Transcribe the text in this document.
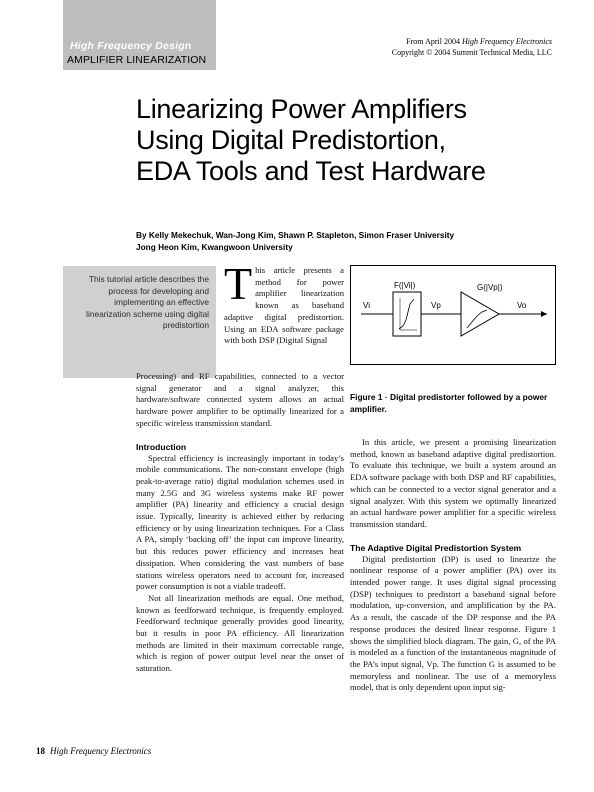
High Frequency Design
AMPLIFIER LINEARIZATION
From April 2004 High Frequency Electronics
Copyright © 2004 Summit Technical Media, LLC
Linearizing Power Amplifiers
Using Digital Predistortion,
EDA Tools and Test Hardware
By Kelly Mekechuk, Wan-Jong Kim, Shawn P. Stapleton, Simon Fraser University
Jong Heon Kim, Kwangwoon University
This tutorial article describes the process for developing and implementing an effective linearization scheme using digital predistortion
This article presents a method for power amplifier linearization known as baseband adaptive digital predistortion. Using an EDA software package with both DSP (Digital Signal

Processing) and RF capabilities, connected to a vector signal generator and a signal analyzer, this hardware/software connected system allows an actual hardware power amplifier to be optimally linearized for a specific wireless transmission standard.

Introduction

Spectral efficiency is increasingly important in today’s mobile communications. The non-constant envelope (high peak-to-average ratio) digital modulation schemes used in many 2.5G and 3G wireless systems make RF power amplifier (PA) linearity and efficiency a crucial design issue. Typically, linearity is achieved either by reducing efficiency or by using linearization techniques. For a Class A PA, simply ‘backing off’ the input can improve linearity, but this reduces power efficiency and increases heat dissipation. When considering the vast numbers of base stations wireless operators need to account for, increased power consumption is not a viable tradeoff.

Not all linearization methods are equal. One method, known as feedforward technique, is frequently employed. Feedforward technique generally provides good linearity, but it results in poor PA efficiency. All linearization methods are limited in their maximum correctable range, which is region of power output level near the onset of saturation.

Vi
F(|Vi|)
Vp
G(|Vp|)
Vo
Figure 1 · Digital predistorter followed by a power amplifier.

In this article, we present a promising linearization method, known as baseband adaptive digital predistortion. To evaluate this technique, we built a system around an EDA software package with both DSP and RF capabilities, which can be connected to a vector signal generator and a signal analyzer. With this system we optimally linearized an actual hardware power amplifier for a specific wireless transmission standard.

The Adaptive Digital Predistortion System

Digital predistortion (DP) is used to linearize the nonlinear response of a power amplifier (PA) over its intended power range. It uses digital signal processing (DSP) techniques to predistort a baseband signal before modulation, up-conversion, and amplification by the PA. As a result, the cascade of the DP response and the PA response produces the desired linear response. Figure 1 shows the simplified block diagram. The gain, G, of the PA is modeled as a function of the instantaneous magnitude of the PA’s input signal, Vp. The function G is assumed to be memoryless and nonlinear. The use of a memoryless model, that is only dependent upon input sig-

18 High Frequency Electronics
